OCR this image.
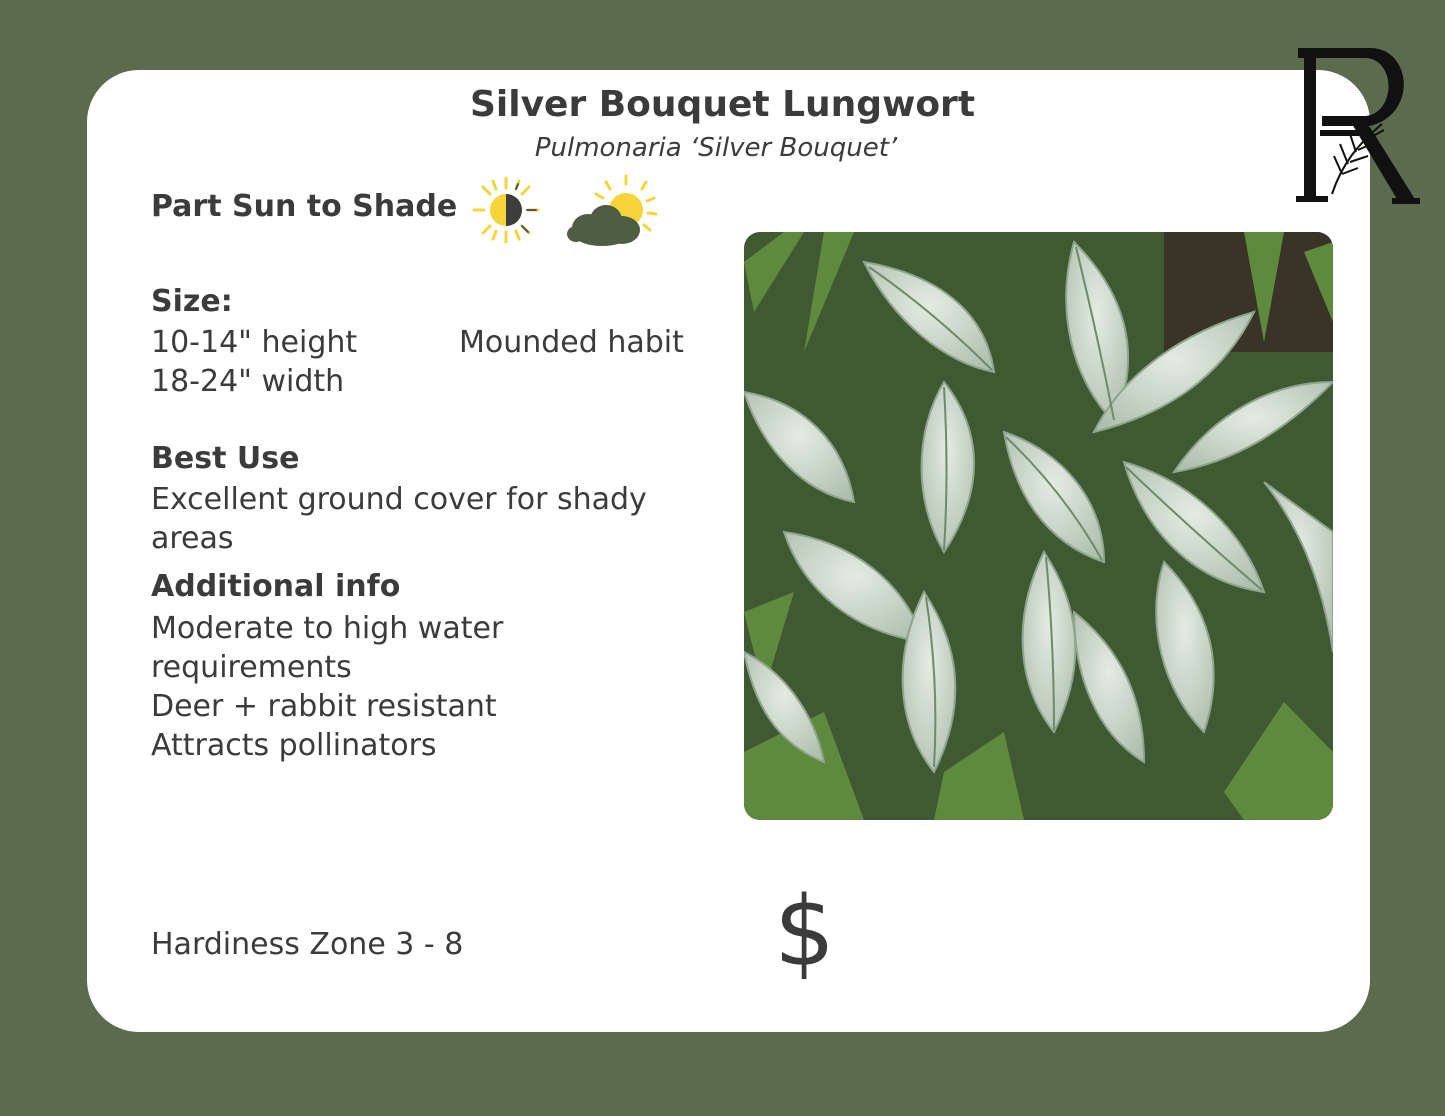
Silver Bouquet Lungwort
Pulmonaria ‘Silver Bouquet’
Part Sun to Shade
Size:
10-14" height	Mounded habit
18-24" width
Best Use
Excellent ground cover for shady
areas
Additional info
Moderate to high water
requirements
Deer + rabbit resistant
Attracts pollinators
Hardiness Zone 3 - 8	$
